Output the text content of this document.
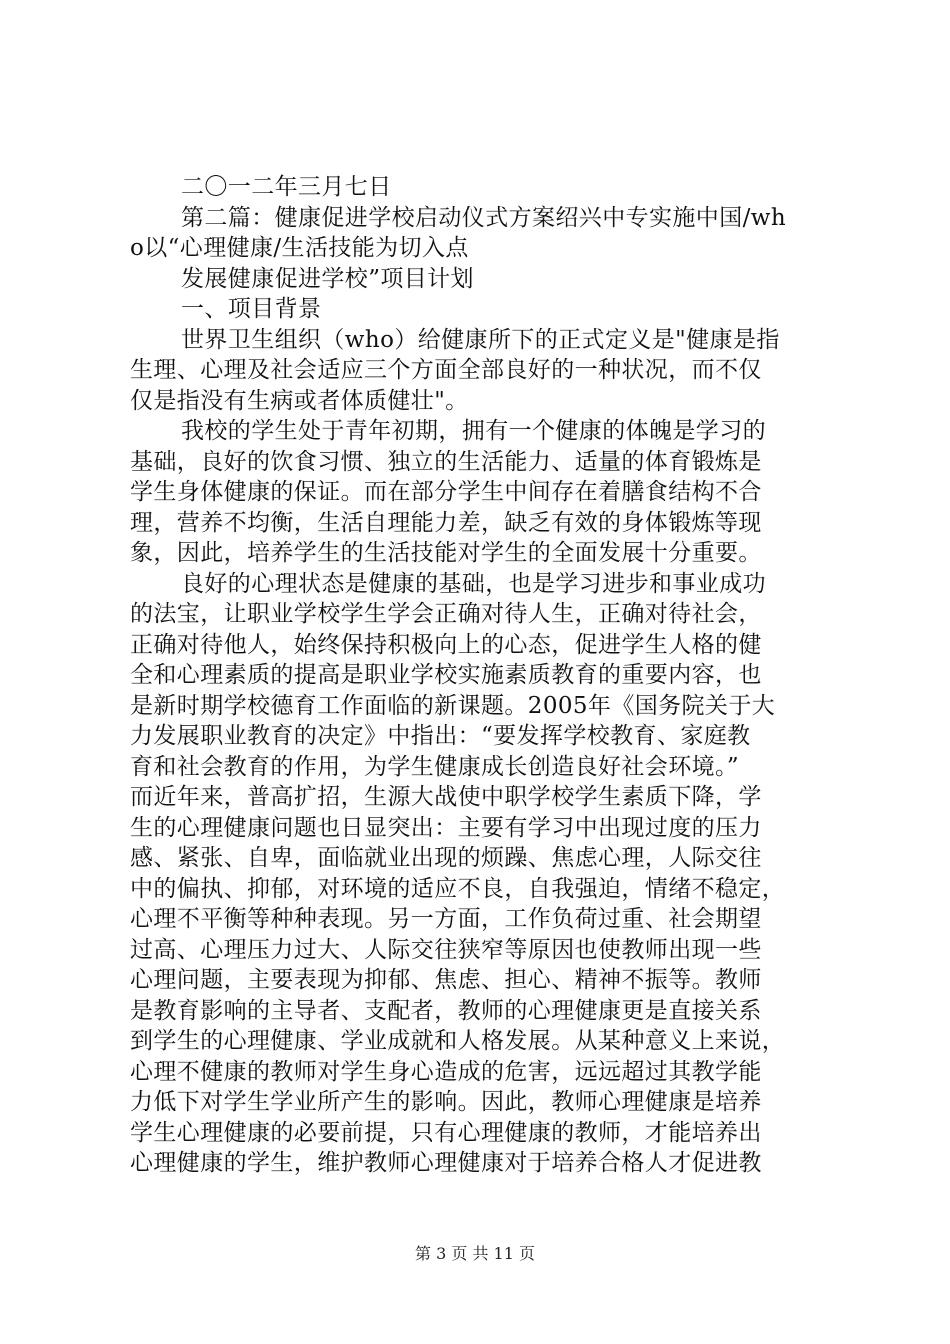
二〇一二年三月七日
第二篇：健康促进学校启动仪式方案绍兴中专实施中国/wh
o以“心理健康/生活技能为切入点
发展健康促进学校”项目计划
一、项目背景
世界卫生组织（who）给健康所下的正式定义是"健康是指
生理、心理及社会适应三个方面全部良好的一种状况，而不仅
仅是指没有生病或者体质健壮"。
我校的学生处于青年初期，拥有一个健康的体魄是学习的
基础，良好的饮食习惯、独立的生活能力、适量的体育锻炼是
学生身体健康的保证。而在部分学生中间存在着膳食结构不合
理，营养不均衡，生活自理能力差，缺乏有效的身体锻炼等现
象，因此，培养学生的生活技能对学生的全面发展十分重要。
良好的心理状态是健康的基础，也是学习进步和事业成功
的法宝，让职业学校学生学会正确对待人生，正确对待社会，
正确对待他人，始终保持积极向上的心态，促进学生人格的健
全和心理素质的提高是职业学校实施素质教育的重要内容，也
是新时期学校德育工作面临的新课题。2005年《国务院关于大
力发展职业教育的决定》中指出：“要发挥学校教育、家庭教
育和社会教育的作用，为学生健康成长创造良好社会环境。”
而近年来，普高扩招，生源大战使中职学校学生素质下降，学
生的心理健康问题也日显突出：主要有学习中出现过度的压力
感、紧张、自卑，面临就业出现的烦躁、焦虑心理，人际交往
中的偏执、抑郁，对环境的适应不良，自我强迫，情绪不稳定，
心理不平衡等种种表现。另一方面，工作负荷过重、社会期望
过高、心理压力过大、人际交往狭窄等原因也使教师出现一些
心理问题，主要表现为抑郁、焦虑、担心、精神不振等。教师
是教育影响的主导者、支配者，教师的心理健康更是直接关系
到学生的心理健康、学业成就和人格发展。从某种意义上来说，
心理不健康的教师对学生身心造成的危害，远远超过其教学能
力低下对学生学业所产生的影响。因此，教师心理健康是培养
学生心理健康的必要前提，只有心理健康的教师，才能培养出
心理健康的学生，维护教师心理健康对于培养合格人才促进教
第 3 页 共 11 页
